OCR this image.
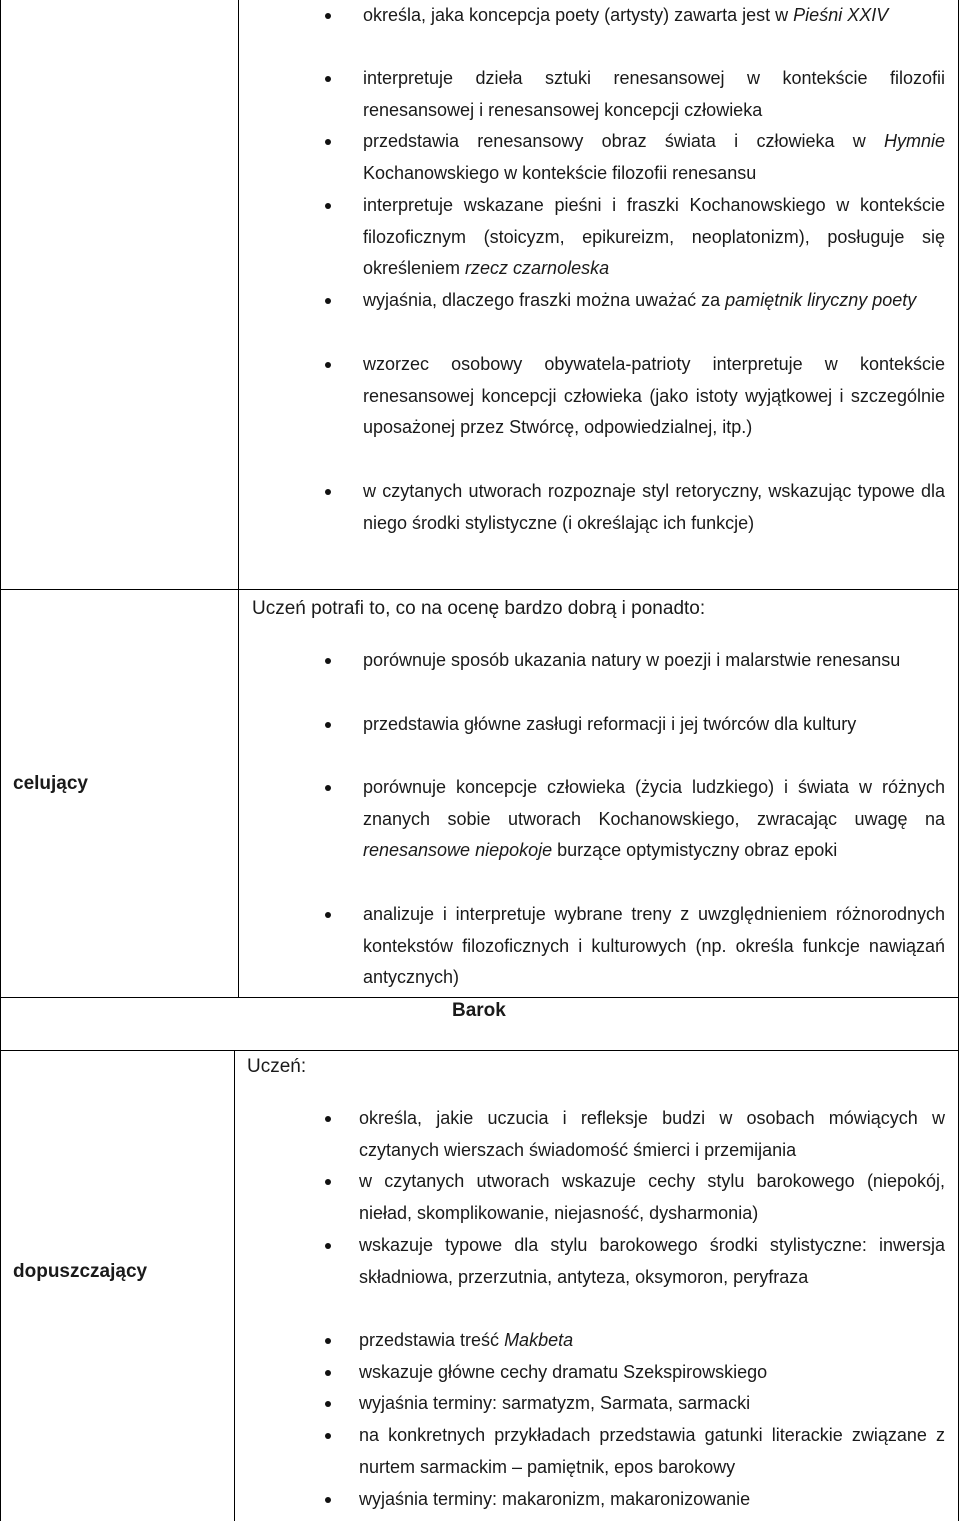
określa, jaka koncepcja poety (artysty) zawarta jest w Pieśni XXIV
interpretuje dzieła sztuki renesansowej w kontekście filozofii renesansowej i renesansowej koncepcji człowieka
przedstawia renesansowy obraz świata i człowieka w Hymnie Kochanowskiego w kontekście filozofii renesansu
interpretuje wskazane pieśni i fraszki Kochanowskiego w kontekście filozoficznym (stoicyzm, epikureizm, neoplatonizm), posługuje się określeniem rzecz czarnoleska
wyjaśnia, dlaczego fraszki można uważać za pamiętnik liryczny poety
wzorzec osobowy obywatela-patrioty interpretuje w kontekście renesansowej koncepcji człowieka (jako istoty wyjątkowej i szczególnie uposażonej przez Stwórcę, odpowiedzialnej, itp.)
w czytanych utworach rozpoznaje styl retoryczny, wskazując typowe dla niego środki stylistyczne (i określając ich funkcje)
celujący
Uczeń potrafi to, co na ocenę bardzo dobrą i ponadto:
porównuje sposób ukazania natury w poezji i malarstwie renesansu
przedstawia główne zasługi reformacji i jej twórców dla kultury
porównuje koncepcje człowieka (życia ludzkiego) i świata w różnych znanych sobie utworach Kochanowskiego, zwracając uwagę na renesansowe niepokoje burzące optymistyczny obraz epoki
analizuje i interpretuje wybrane treny z uwzględnieniem różnorodnych kontekstów filozoficznych i kulturowych (np. określa funkcje nawiązań antycznych)
Barok
dopuszczający
Uczeń:
określa, jakie uczucia i refleksje budzi w osobach mówiących w czytanych wierszach świadomość śmierci i przemijania
w czytanych utworach wskazuje cechy stylu barokowego (niepokój, nieład, skomplikowanie, niejasność, dysharmonia)
wskazuje typowe dla stylu barokowego środki stylistyczne: inwersja składniowa, przerzutnia, antyteza, oksymoron, peryfraza
przedstawia treść Makbeta
wskazuje główne cechy dramatu Szekspirowskiego
wyjaśnia terminy: sarmatyzm, Sarmata, sarmacki
na konkretnych przykładach przedstawia gatunki literackie związane z nurtem sarmackim – pamiętnik, epos barokowy
wyjaśnia terminy: makaronizm, makaronizowanie
